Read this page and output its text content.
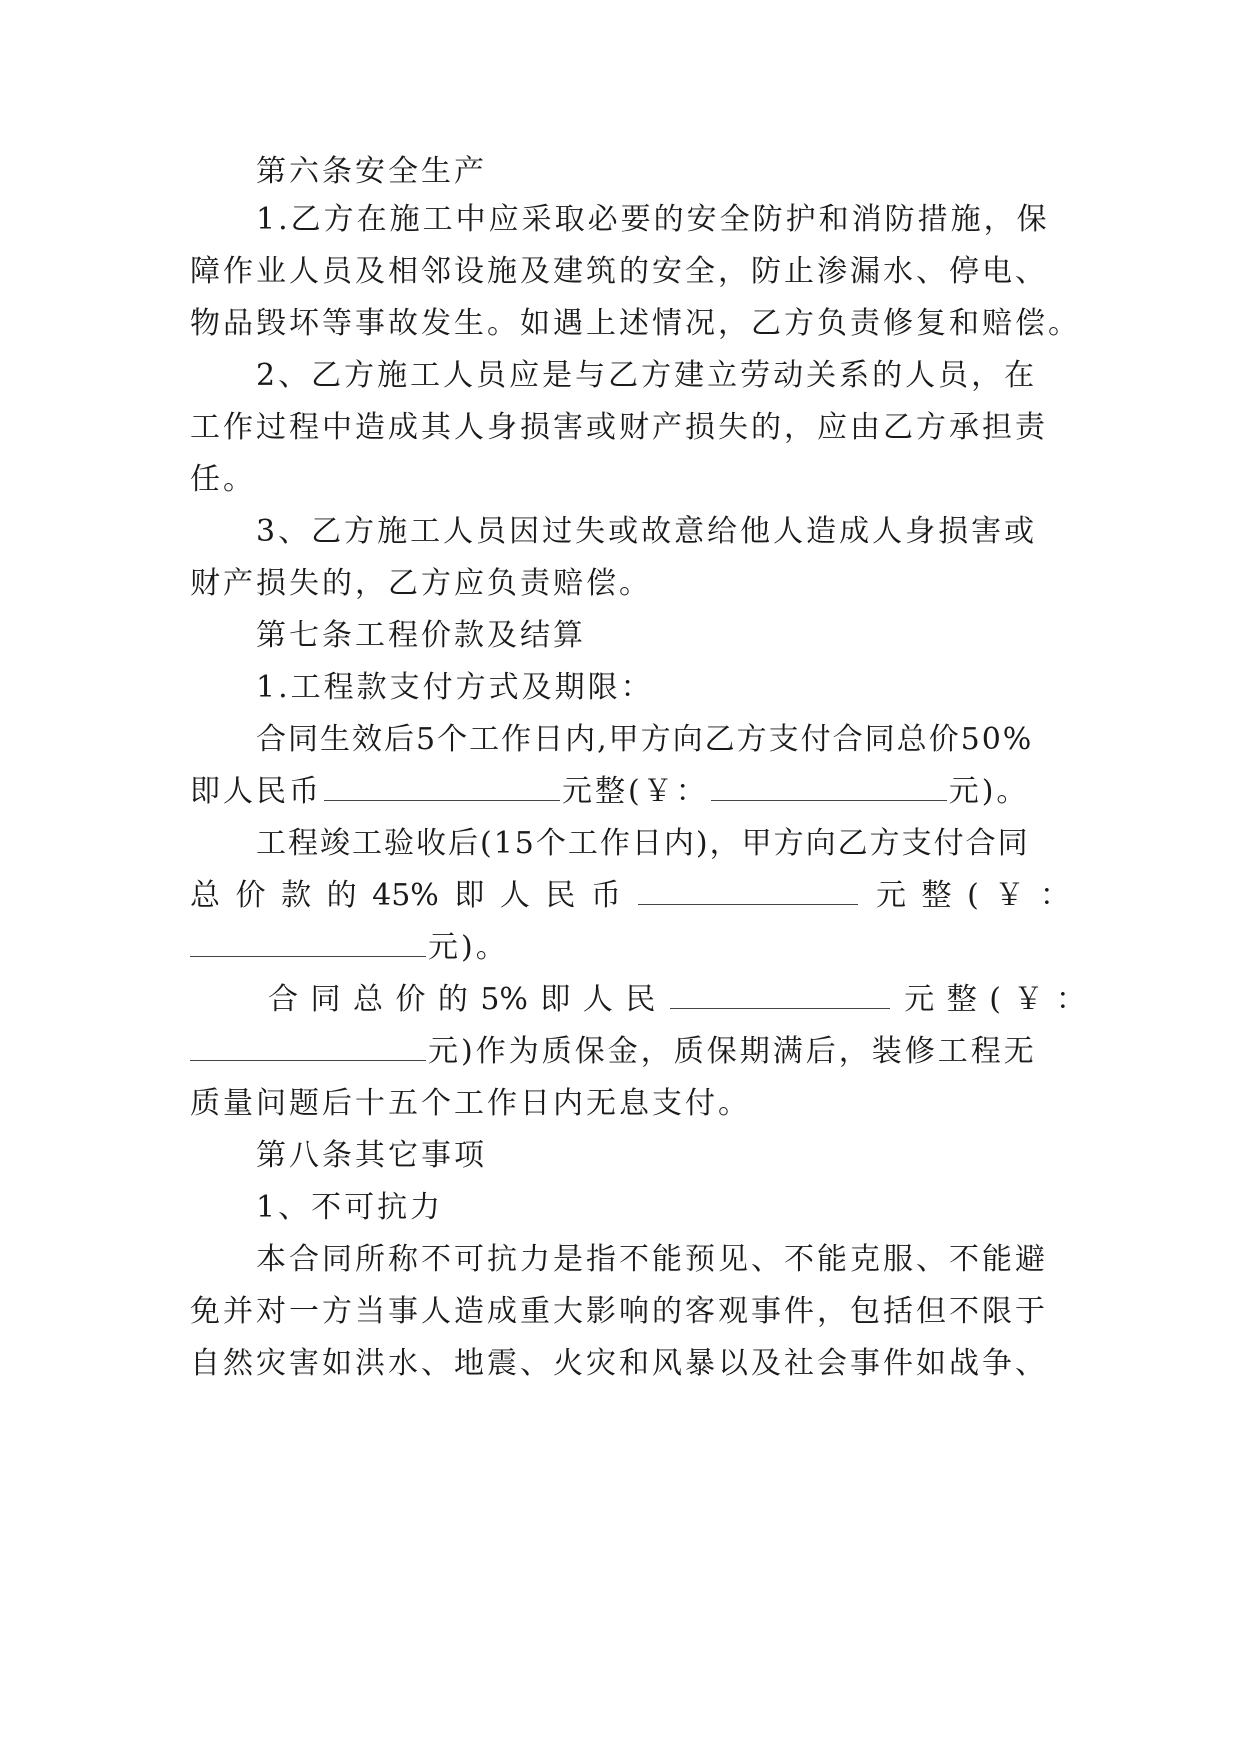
第六条安全生产
1.乙方在施工中应采取必要的安全防护和消防措施，保
障作业人员及相邻设施及建筑的安全，防止渗漏水、停电、
物品毁坏等事故发生。如遇上述情况，乙方负责修复和赔偿。
2、乙方施工人员应是与乙方建立劳动关系的人员，在
工作过程中造成其人身损害或财产损失的，应由乙方承担责
任。
3、乙方施工人员因过失或故意给他人造成人身损害或
财产损失的，乙方应负责赔偿。
第七条工程价款及结算
1.工程款支付方式及期限：
合同生效后5个工作日内,甲方向乙方支付合同总价50%
即人民币	元整(￥：	元)。
工程竣工验收后(15个工作日内)，甲方向乙方支付合同
总 价 款 的 45% 即 人 民 币	元 整 ( ￥ ：
元)。
合 同 总 价 的 5% 即 人 民	元 整 ( ￥ ：
元)作为质保金，质保期满后，装修工程无
质量问题后十五个工作日内无息支付。
第八条其它事项
1、不可抗力
本合同所称不可抗力是指不能预见、不能克服、不能避
免并对一方当事人造成重大影响的客观事件，包括但不限于
自然灾害如洪水、地震、火灾和风暴以及社会事件如战争、
